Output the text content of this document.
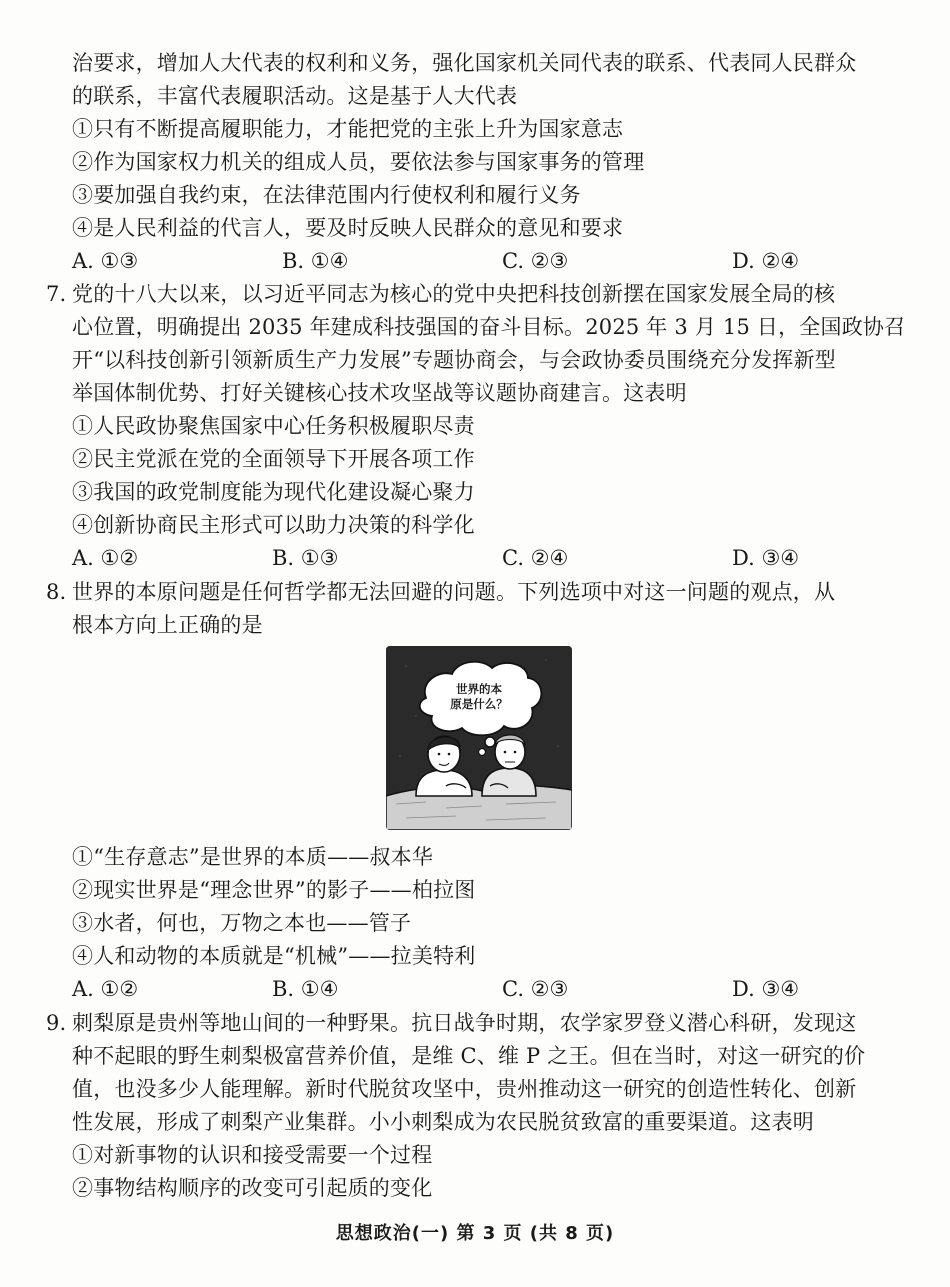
治要求，增加人大代表的权利和义务，强化国家机关同代表的联系、代表同人民群众
的联系，丰富代表履职活动。这是基于人大代表
①只有不断提高履职能力，才能把党的主张上升为国家意志
②作为国家权力机关的组成人员，要依法参与国家事务的管理
③要加强自我约束，在法律范围内行使权利和履行义务
④是人民利益的代言人，要及时反映人民群众的意见和要求
A. ①③	B. ①④	C. ②③	D. ②④
7. 党的十八大以来，以习近平同志为核心的党中央把科技创新摆在国家发展全局的核
心位置，明确提出 2035 年建成科技强国的奋斗目标。2025 年 3 月 15 日，全国政协召
开“以科技创新引领新质生产力发展”专题协商会，与会政协委员围绕充分发挥新型
举国体制优势、打好关键核心技术攻坚战等议题协商建言。这表明
①人民政协聚焦国家中心任务积极履职尽责
②民主党派在党的全面领导下开展各项工作
③我国的政党制度能为现代化建设凝心聚力
④创新协商民主形式可以助力决策的科学化
A. ①②	B. ①③	C. ②④	D. ③④
8. 世界的本原问题是任何哲学都无法回避的问题。下列选项中对这一问题的观点，从
根本方向上正确的是
世界的本
原是什么？
①“生存意志”是世界的本质——叔本华
②现实世界是“理念世界”的影子——柏拉图
③水者，何也，万物之本也——管子
④人和动物的本质就是“机械”——拉美特利
A. ①②	B. ①④	C. ②③	D. ③④
9. 刺梨原是贵州等地山间的一种野果。抗日战争时期，农学家罗登义潜心科研，发现这
种不起眼的野生刺梨极富营养价值，是维 C、维 P 之王。但在当时，对这一研究的价
值，也没多少人能理解。新时代脱贫攻坚中，贵州推动这一研究的创造性转化、创新
性发展，形成了刺梨产业集群。小小刺梨成为农民脱贫致富的重要渠道。这表明
①对新事物的认识和接受需要一个过程
②事物结构顺序的改变可引起质的变化
思想政治(一) 第 3 页 (共 8 页)
